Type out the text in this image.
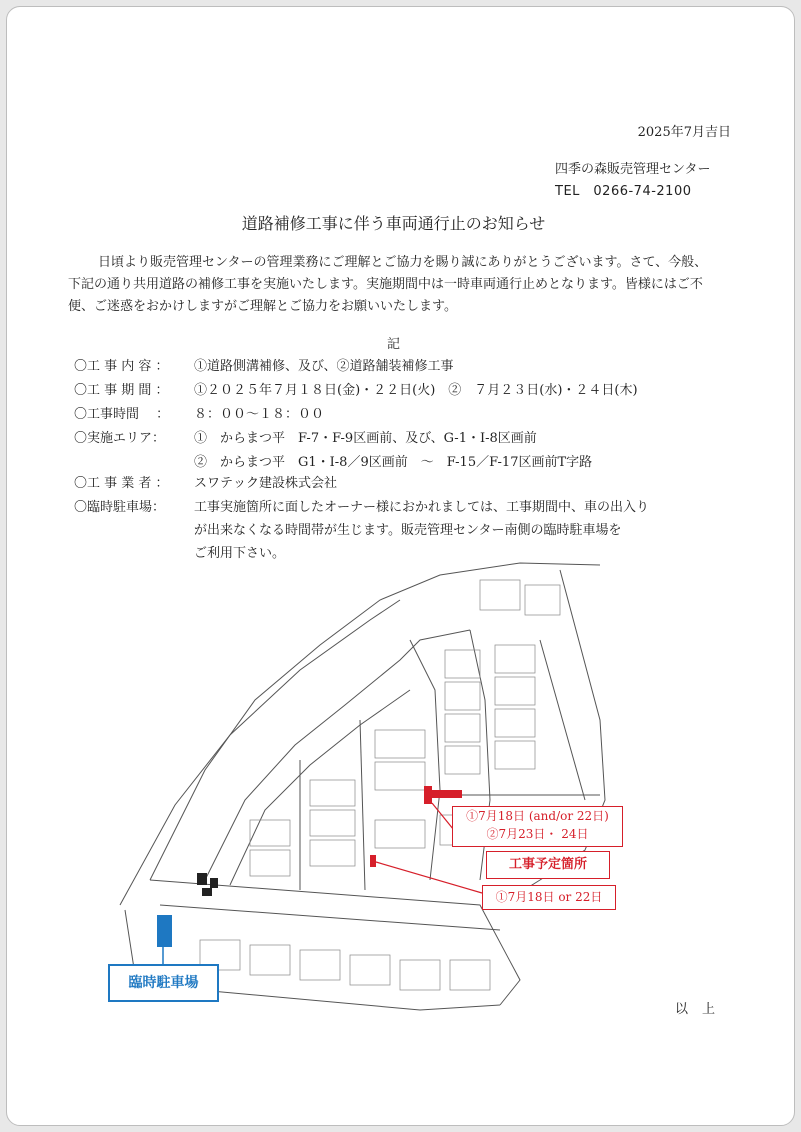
2025年7月吉日
四季の森販売管理センター
TEL　0266-74-2100
道路補修工事に伴う車両通行止のお知らせ
日頃より販売管理センターの管理業務にご理解とご協力を賜り誠にありがとうございます。さて、今般、下記の通り共用道路の補修工事を実施いたします。実施期間中は一時車両通行止めとなります。皆様にはご不便、ご迷惑をおかけしますがご理解とご協力をお願いいたします。
記
〇工 事 内 容 ： ①道路側溝補修、及び、②道路舗装補修工事
〇工 事 期 間 ： ①２０２５年７月１８日(金)・２２日(火)　②　７月２３日(水)・２４日(木)
〇工事時間　 ： ８：００～１８：００
〇実施エリア： ①　からまつ平　F-7・F-9区画前、及び、G-1・I-8区画前
②　からまつ平　G1・I-8／9区画前　～　F-15／F-17区画前T字路
〇工 事 業 者 ： スワテック建設株式会社
〇臨時駐車場： 工事実施箇所に面したオーナー様におかれましては、工事期間中、車の出入り
が出来なくなる時間帯が生じます。販売管理センター南側の臨時駐車場を
ご利用下さい。
①7月18日 (and/or 22日)
②7月23日・ 24日
工事予定箇所
①7月18日 or 22日
臨時駐車場
以上
